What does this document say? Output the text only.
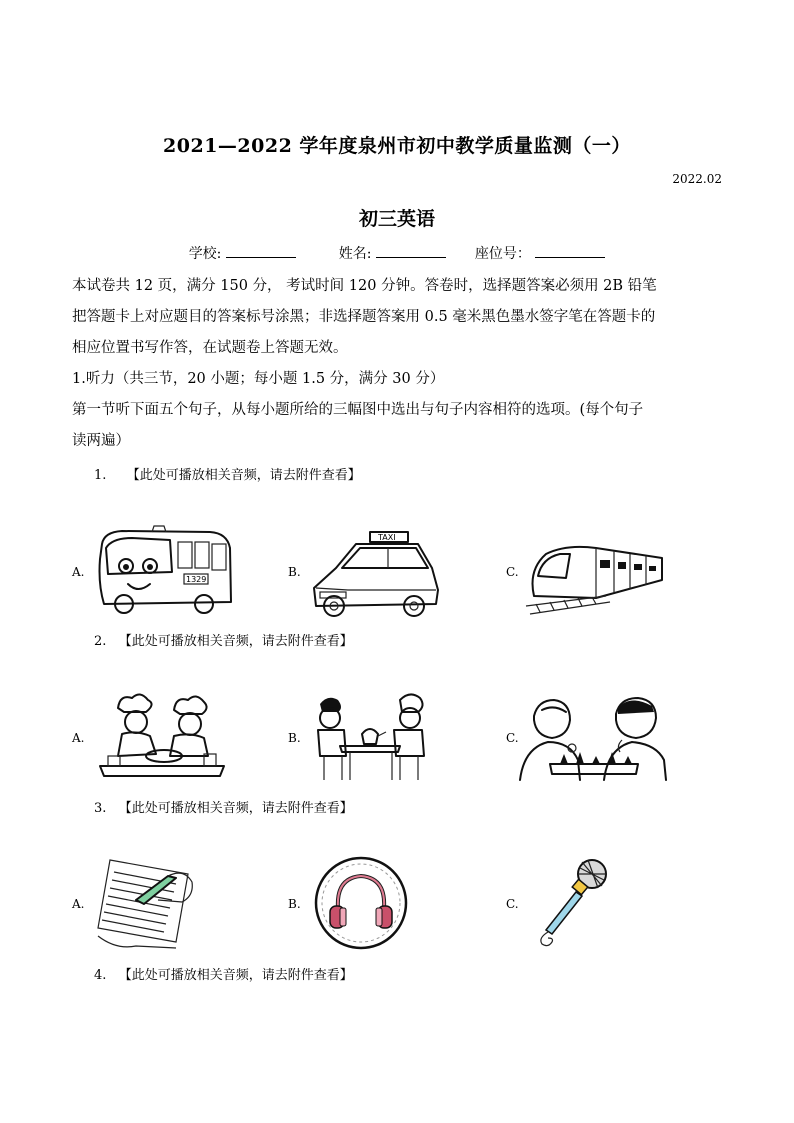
2021—2022 学年度泉州市初中教学质量监测（一）
2022.02
初三英语
学校:	姓名:	座位号：
本试卷共 12 页，满分 150 分， 考试时间 120 分钟。答卷时，选择题答案必须用 2B 铅笔
把答题卡上对应题目的答案标号涂黑；非选择题答案用 0.5 毫米黑色墨水签字笔在答题卡的
相应位置书写作答，在试题卷上答题无效。
1.听力（共三节，20 小题；每小题 1.5 分，满分 30 分）
第一节听下面五个句子，从每小题所给的三幅图中选出与句子内容相符的选项。(每个句子
读两遍）
1. 【此处可播放相关音频，请去附件查看】
A.	B.	C.
1329
TAXI
2. 【此处可播放相关音频，请去附件查看】
A.	B.	C.
3. 【此处可播放相关音频，请去附件查看】
A.	B.	C.
4. 【此处可播放相关音频，请去附件查看】
